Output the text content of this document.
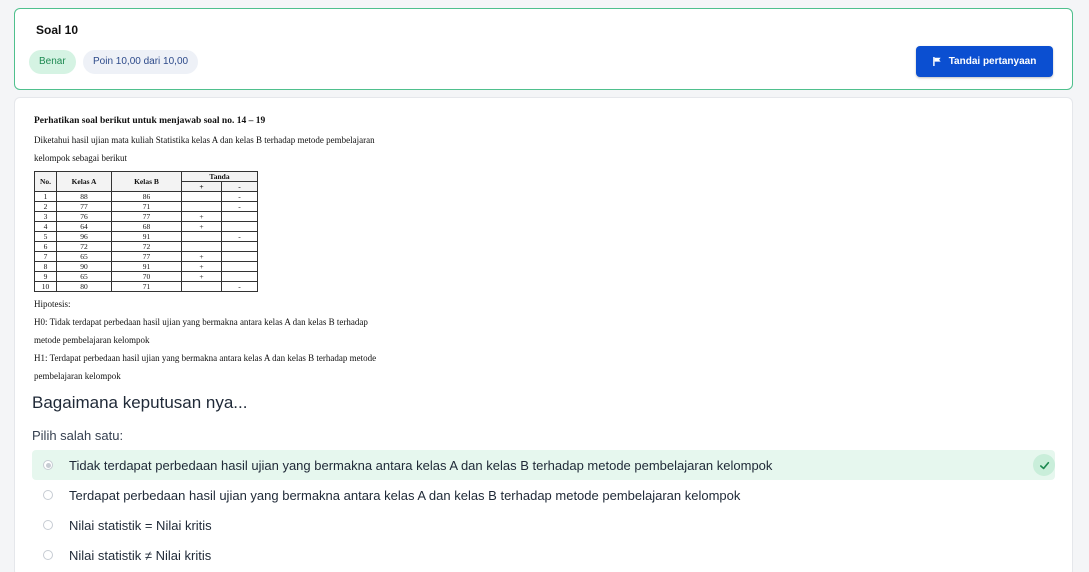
Soal 10
Benar	Poin 10,00 dari 10,00	Tandai pertanyaan
Perhatikan soal berikut untuk menjawab soal no. 14 – 19
Diketahui hasil ujian mata kuliah Statistika kelas A dan kelas B terhadap metode pembelajaran
kelompok sebagai berikut
No.	Kelas A	Kelas B	Tanda	
			+	-
1	88	86		-
2	77	71		-
3	76	77	+	
4	64	68	+	
5	96	91		-
6	72	72		
7	65	77	+	
8	90	91	+	
9	65	70	+	
10	80	71		-
Hipotesis:
H0: Tidak terdapat perbedaan hasil ujian yang bermakna antara kelas A dan kelas B terhadap
metode pembelajaran kelompok
H1: Terdapat perbedaan hasil ujian yang bermakna antara kelas A dan kelas B terhadap metode
pembelajaran kelompok
Bagaimana keputusan nya...
Pilih salah satu:
Tidak terdapat perbedaan hasil ujian yang bermakna antara kelas A dan kelas B terhadap metode pembelajaran kelompok
Terdapat perbedaan hasil ujian yang bermakna antara kelas A dan kelas B terhadap metode pembelajaran kelompok
Nilai statistik = Nilai kritis
Nilai statistik ≠ Nilai kritis
